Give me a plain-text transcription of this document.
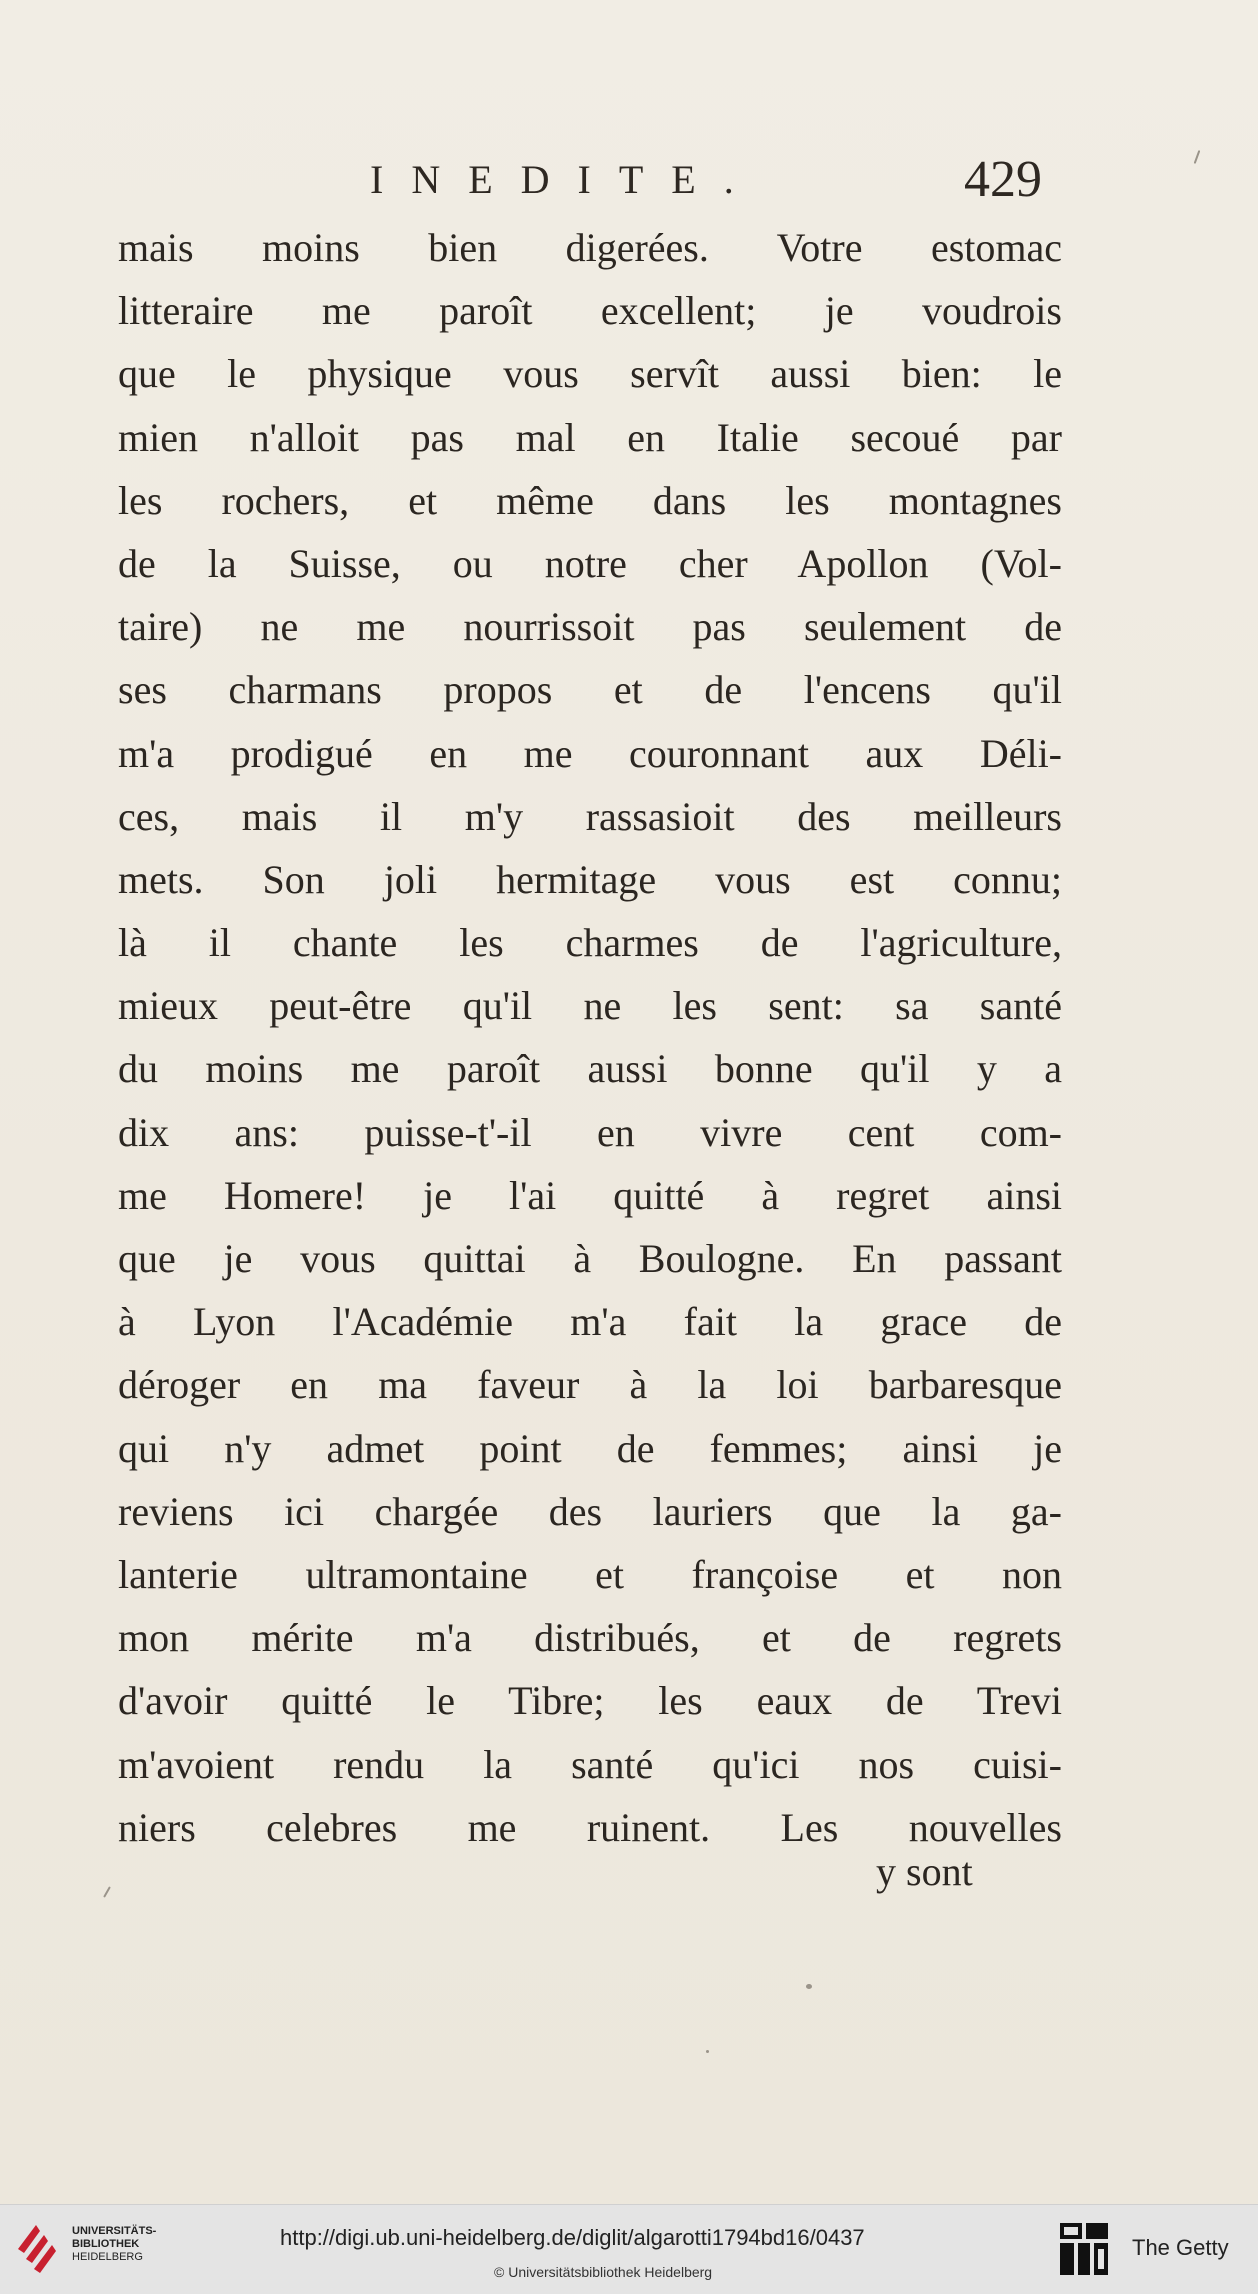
INEDITE.	429
mais moins bien digerées. Votre estomac
litteraire me paroît excellent; je voudrois
que le physique vous servît aussi bien: le
mien n'alloit pas mal en Italie secoué par
les rochers, et même dans les montagnes
de la Suisse, ou notre cher Apollon (Vol-
taire) ne me nourrissoit pas seulement de
ses charmans propos et de l'encens qu'il
m'a prodigué en me couronnant aux Déli-
ces, mais il m'y rassasioit des meilleurs
mets. Son joli hermitage vous est connu;
là il chante les charmes de l'agriculture,
mieux peut-être qu'il ne les sent: sa santé
du moins me paroît aussi bonne qu'il y a
dix ans: puisse-t'-il en vivre cent com-
me Homere! je l'ai quitté à regret ainsi
que je vous quittai à Boulogne. En passant
à Lyon l'Académie m'a fait la grace de
déroger en ma faveur à la loi barbaresque
qui n'y admet point de femmes; ainsi je
reviens ici chargée des lauriers que la ga-
lanterie ultramontaine et françoise et non
mon mérite m'a distribués, et de regrets
d'avoir quitté le Tibre; les eaux de Trevi
m'avoient rendu la santé qu'ici nos cuisi-
niers celebres me ruinent. Les nouvelles
y sont
UNIVERSITÄTS-
BIBLIOTHEK
HEIDELBERG
http://digi.ub.uni-heidelberg.de/diglit/algarotti1794bd16/0437
© Universitätsbibliothek Heidelberg
The Getty
